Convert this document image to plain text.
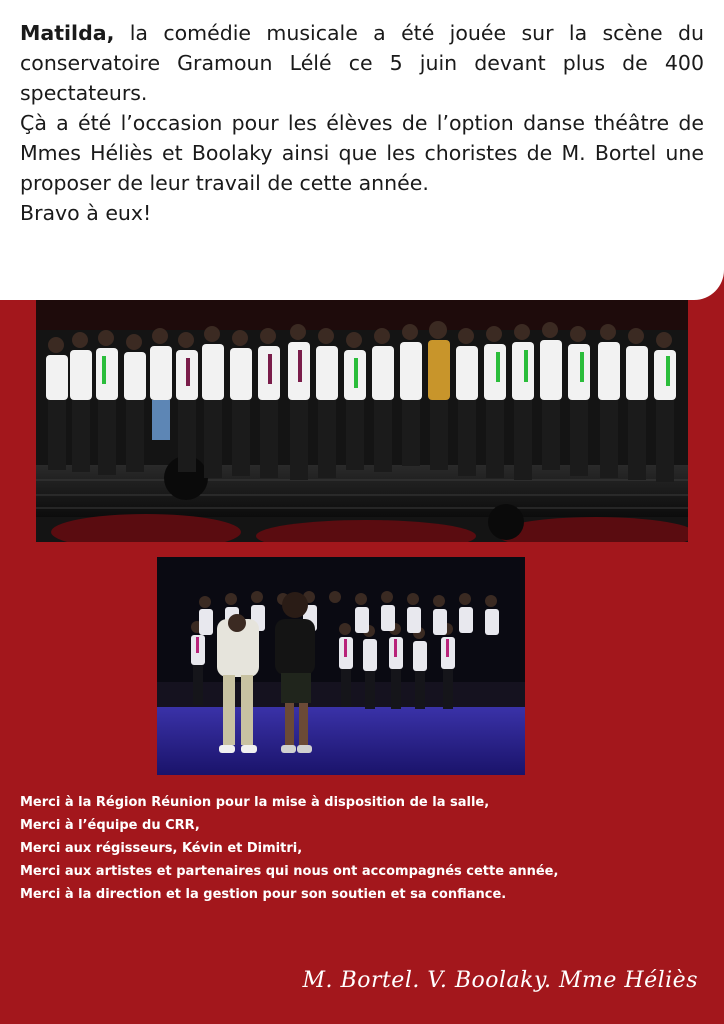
Matilda, la comédie musicale a été jouée sur la scène du conservatoire Gramoun Lélé ce 5 juin devant plus de 400 spectateurs.
Çà a été l’occasion pour les élèves de l’option danse théâtre de Mmes Héliès et Boolaky ainsi que les choristes de M. Bortel une proposer de leur travail de cette année.
Bravo à eux!

Merci à la Région Réunion pour la mise à disposition de la salle,
Merci à l’équipe du CRR,
Merci aux régisseurs, Kévin et Dimitri,
Merci aux artistes et partenaires qui nous ont accompagnés cette année,
Merci à la direction et la gestion pour son soutien et sa confiance.
M. Bortel. V. Boolaky. Mme Héliès
